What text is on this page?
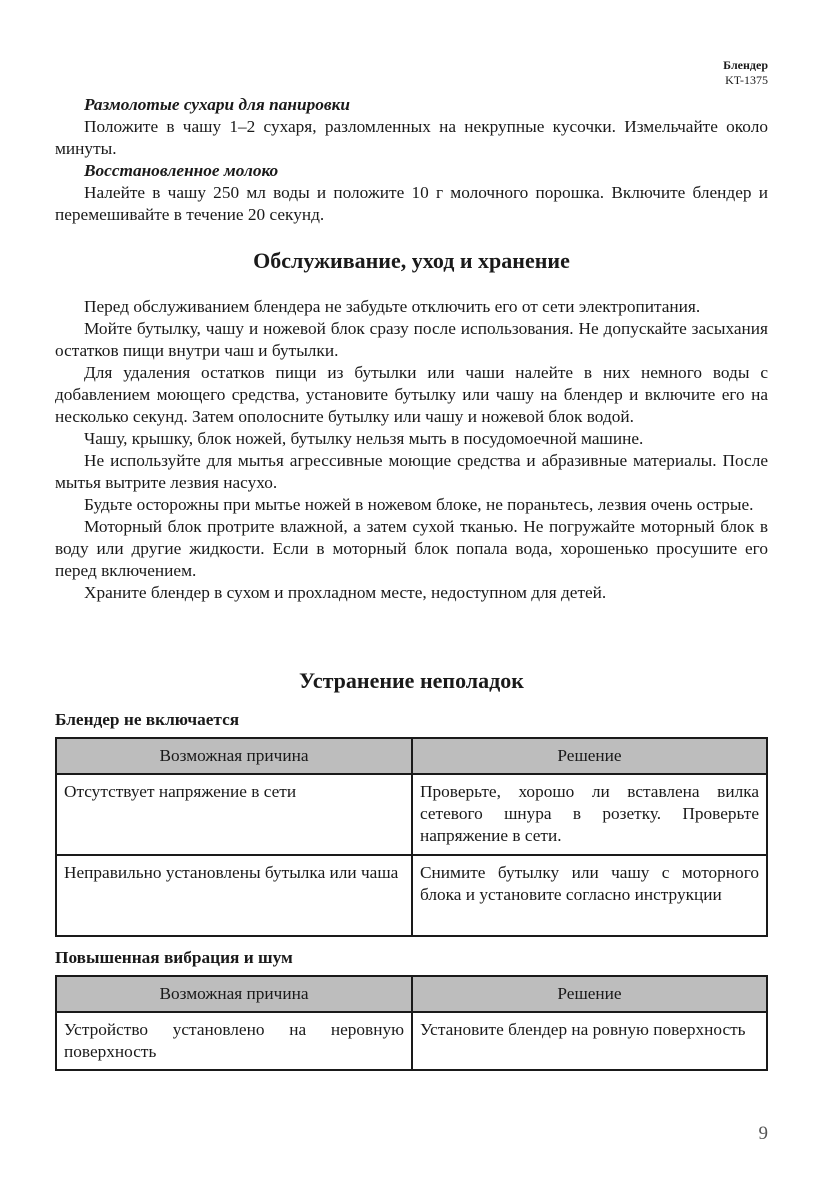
Блендер
KT-1375

Размолотые сухари для панировки

Положите в чашу 1–2 сухаря, разломленных на некрупные кусочки. Измельчайте около минуты.

Восстановленное молоко

Налейте в чашу 250 мл воды и положите 10 г молочного порошка. Включите блендер и перемешивайте в течение 20 секунд.

Обслуживание, уход и хранение

Перед обслуживанием блендера не забудьте отключить его от сети электропитания.

Мойте бутылку, чашу и ножевой блок сразу после использования. Не допускайте засыхания остатков пищи внутри чаш и бутылки.

Для удаления остатков пищи из бутылки или чаши налейте в них немного воды с добавлением моющего средства, установите бутылку или чашу на блендер и включите его на несколько секунд. Затем ополосните бутылку или чашу и ножевой блок водой.

Чашу, крышку, блок ножей, бутылку нельзя мыть в посудомоечной машине.

Не используйте для мытья агрессивные моющие средства и абразивные материалы. После мытья вытрите лезвия насухо.

Будьте осторожны при мытье ножей в ножевом блоке, не пораньтесь, лезвия очень острые.

Моторный блок протрите влажной, а затем сухой тканью. Не погружайте моторный блок в воду или другие жидкости. Если в моторный блок попала вода, хорошенько просушите его перед включением.

Храните блендер в сухом и прохладном месте, недоступном для детей.

Устранение неполадок
Блендер не включается
Возможная причина	Решение
Отсутствует напряжение в сети	Проверьте, хорошо ли вставлена вилка сетевого шнура в розетку. Проверьте напряжение в сети.
Неправильно установлены бутылка или чаша	Снимите бутылку или чашу с моторного блока и установите согласно инструкции
Повышенная вибрация и шум
Возможная причина	Решение
Устройство установлено на неровную поверхность	Установите блендер на ровную поверхность
9
